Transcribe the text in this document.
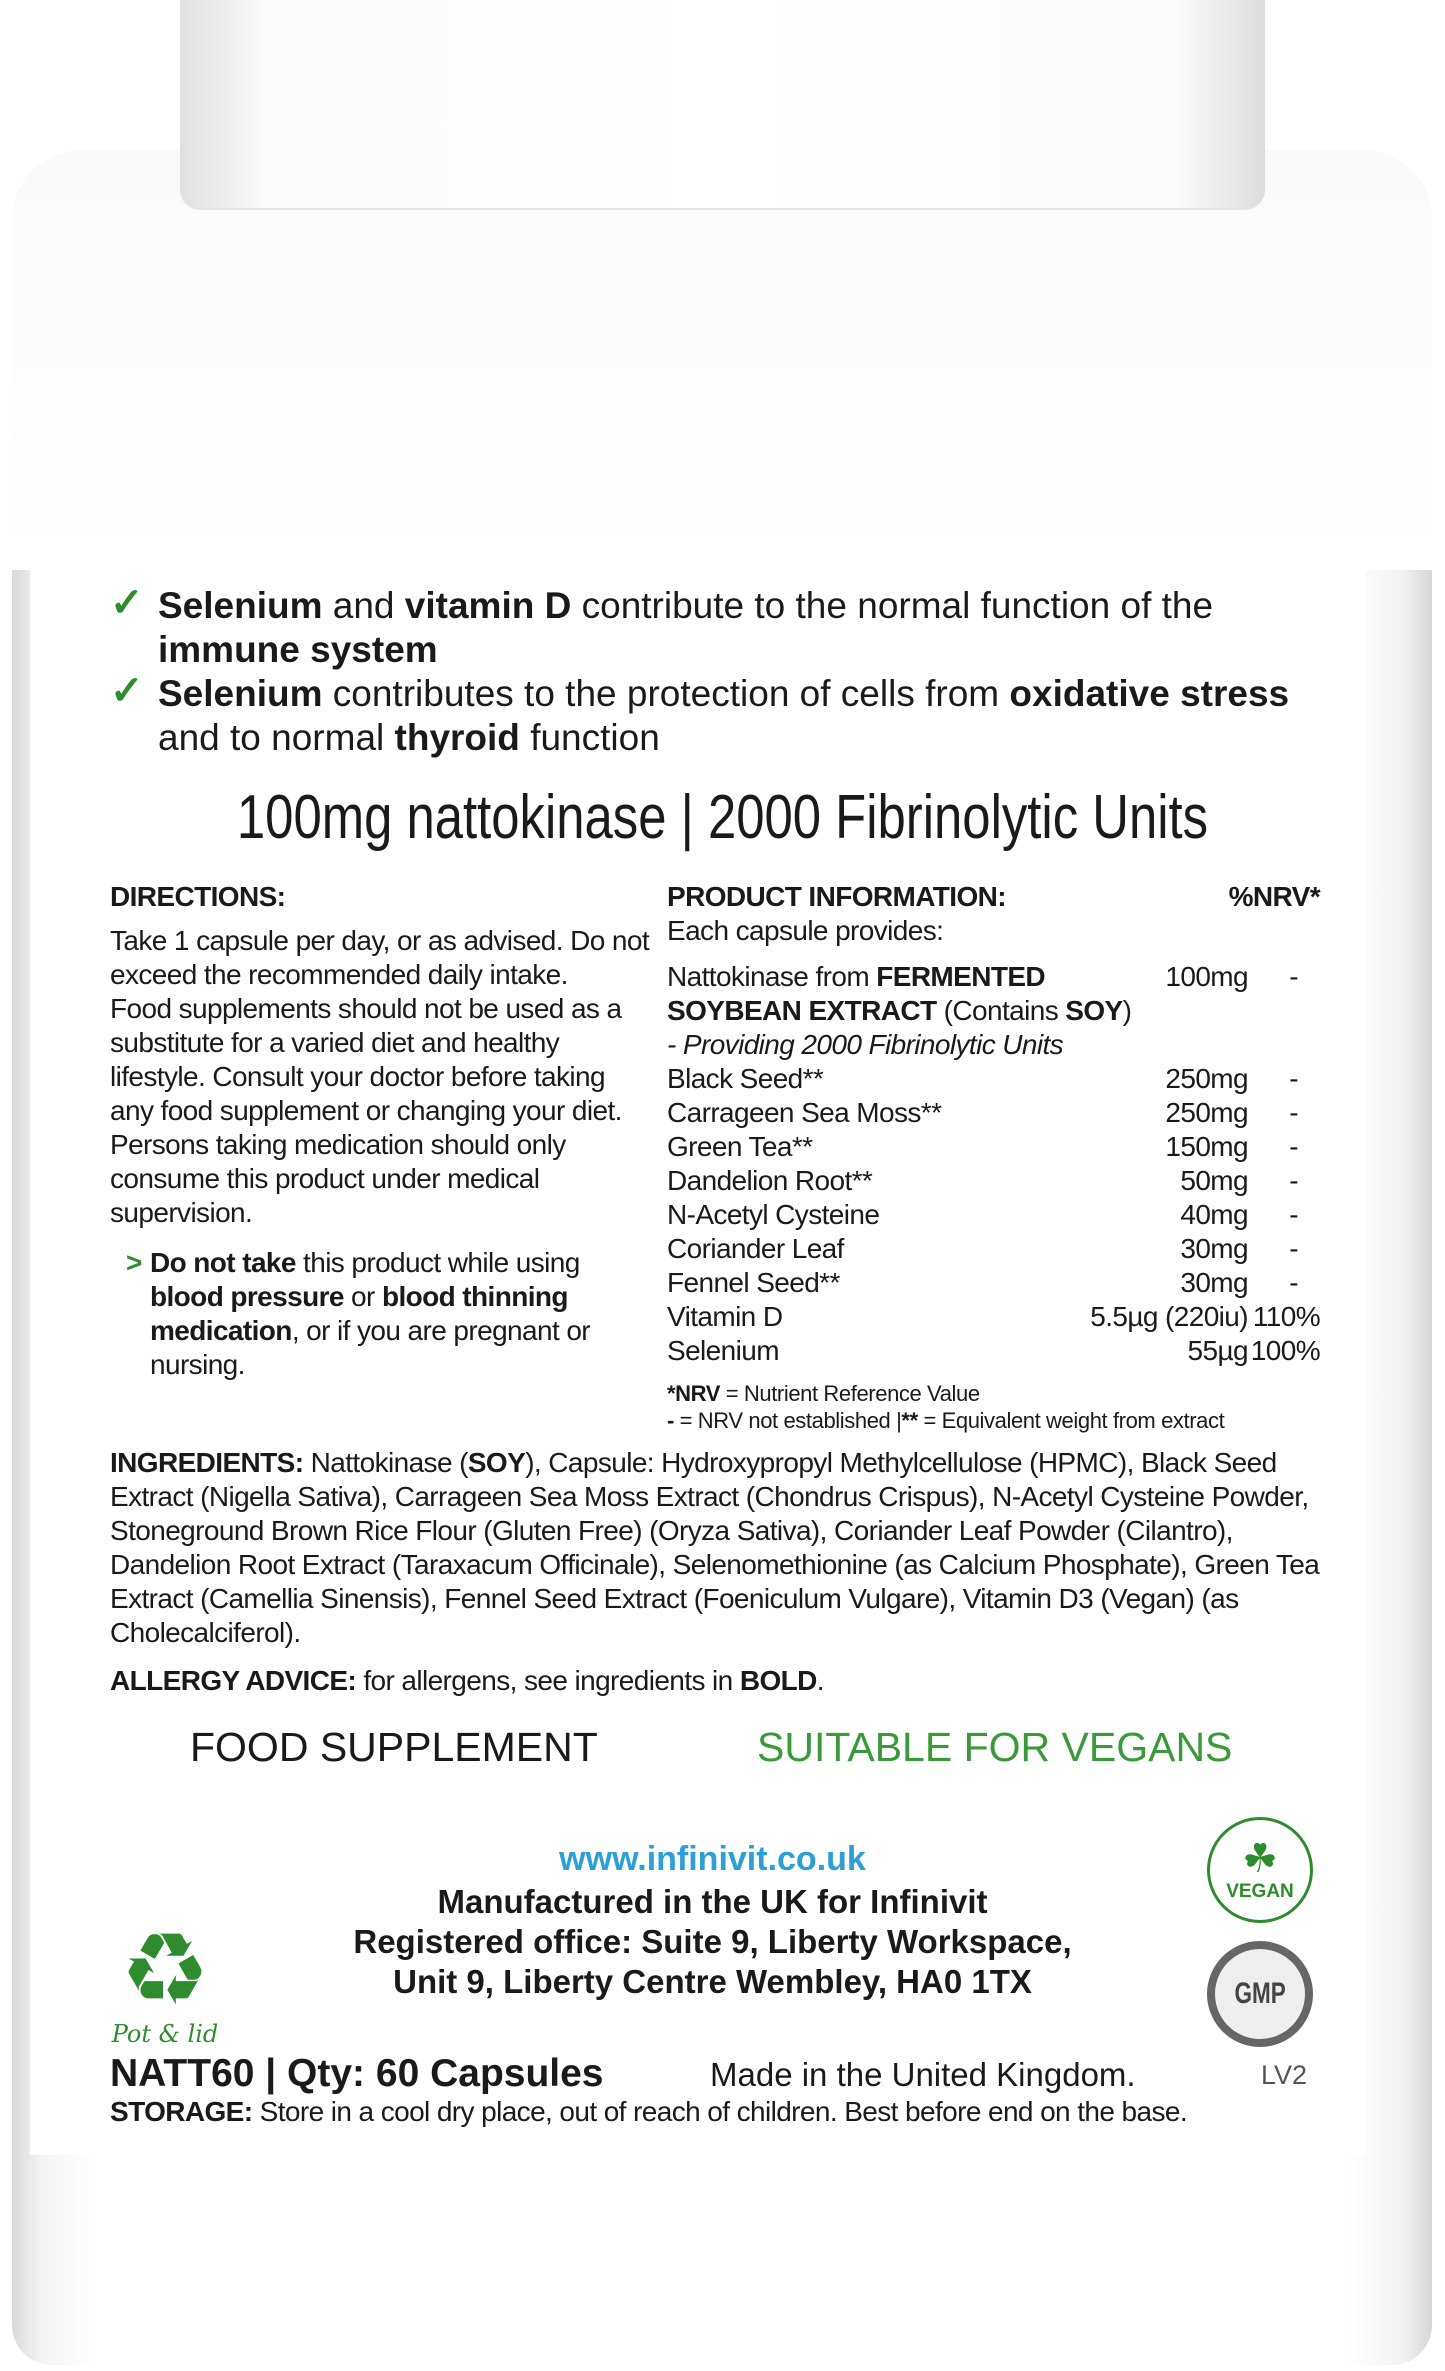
✓ Selenium and vitamin D contribute to the normal function of the immune system
✓ Selenium contributes to the protection of cells from oxidative stress and to normal thyroid function
100mg nattokinase | 2000 Fibrinolytic Units
DIRECTIONS:
Take 1 capsule per day, or as advised. Do not exceed the recommended daily intake.
Food supplements should not be used as a substitute for a varied diet and healthy lifestyle. Consult your doctor before taking any food supplement or changing your diet. Persons taking medication should only consume this product under medical supervision.
> Do not take this product while using blood pressure or blood thinning medication, or if you are pregnant or nursing.
PRODUCT INFORMATION:	%NRV*
Each capsule provides:
Nattokinase from FERMENTED	100mg	-
SOYBEAN EXTRACT (Contains SOY)
- Providing 2000 Fibrinolytic Units
Black Seed**	250mg	-
Carrageen Sea Moss**	250mg	-
Green Tea**	150mg	-
Dandelion Root**	50mg	-
N-Acetyl Cysteine	40mg	-
Coriander Leaf	30mg	-
Fennel Seed**	30mg	-
Vitamin D	5.5µg (220iu) 110%
Selenium	55µg 100%
*NRV = Nutrient Reference Value
- = NRV not established |** = Equivalent weight from extract
INGREDIENTS: Nattokinase (SOY), Capsule: Hydroxypropyl Methylcellulose (HPMC), Black Seed Extract (Nigella Sativa), Carrageen Sea Moss Extract (Chondrus Crispus), N-Acetyl Cysteine Powder, Stoneground Brown Rice Flour (Gluten Free) (Oryza Sativa), Coriander Leaf Powder (Cilantro), Dandelion Root Extract (Taraxacum Officinale), Selenomethionine (as Calcium Phosphate), Green Tea Extract (Camellia Sinensis), Fennel Seed Extract (Foeniculum Vulgare), Vitamin D3 (Vegan) (as Cholecalciferol).
ALLERGY ADVICE: for allergens, see ingredients in BOLD.
FOOD SUPPLEMENT	SUITABLE FOR VEGANS
www.infinivit.co.uk
Manufactured in the UK for Infinivit
Registered office: Suite 9, Liberty Workspace,
Unit 9, Liberty Centre Wembley, HA0 1TX
♻
Pot & lid
☘
VEGAN
GMP
NATT60 | Qty: 60 Capsules	Made in the United Kingdom.	LV2
STORAGE: Store in a cool dry place, out of reach of children. Best before end on the base.
